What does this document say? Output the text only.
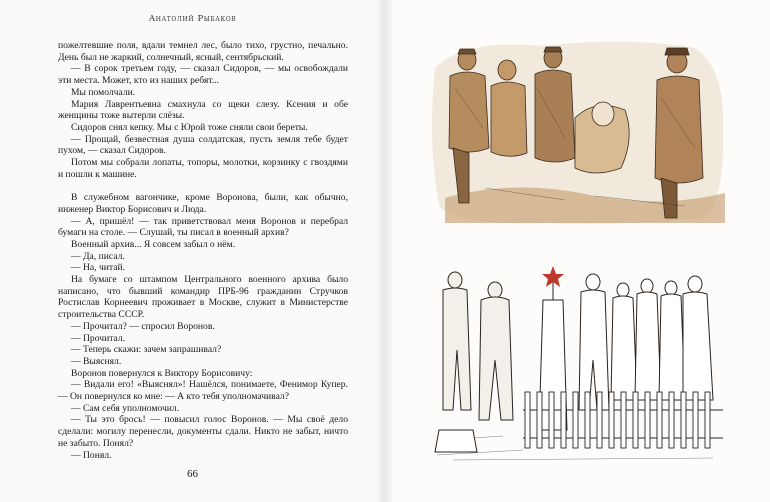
Анатолий Рыбаков

пожелтевшие поля, вдали темнел лес, было тихо, грустно, печально. День был не жаркий, солнечный, ясный, сентябрьский.

— В сорок третьем году, — сказал Сидоров, — мы освобождали эти места. Может, кто из наших ребят...

Мы помолчали.

Мария Лаврентьевна смахнула со щеки слезу. Ксения и обе женщины тоже вытерли слёзы.

Сидоров снял кепку. Мы с Юрой тоже сняли свои береты.

— Прощай, безвестная душа солдатская, пусть земля тебе будет пухом, — сказал Сидоров.

Потом мы собрали лопаты, топоры, молотки, корзинку с гвоздями и пошли к машине.

В служебном вагончике, кроме Воронова, были, как обычно, инженер Виктор Борисович и Люда.

— А, пришёл! — так приветствовал меня Воронов и перебрал бумаги на столе. — Слушай, ты писал в военный архив?

Военный архив... Я совсем забыл о нём.

— Да, писал.

— На, читай.

На бумаге со штампом Центрального военного архива было написано, что бывший командир ПРБ-96 гражданин Стручков Ростислав Корнеевич проживает в Москве, служит в Министерстве строительства СССР.

— Прочитал? — спросил Воронов.

— Прочитал.

— Теперь скажи: зачем запрашивал?

— Выяснял.

Воронов повернулся к Виктору Борисовичу:

— Видали его! «Выяснял»! Нашёлся, понимаете, Фенимор Купер. — Он повернулся ко мне: — А кто тебя уполномачивал?

— Сам себя уполномочил.

— Ты это брось! — повысил голос Воронов. — Мы своё дело сделали: могилу перенесли, документы сдали. Никто не забыт, ничто не забыто. Понял?

— Понял.

66
